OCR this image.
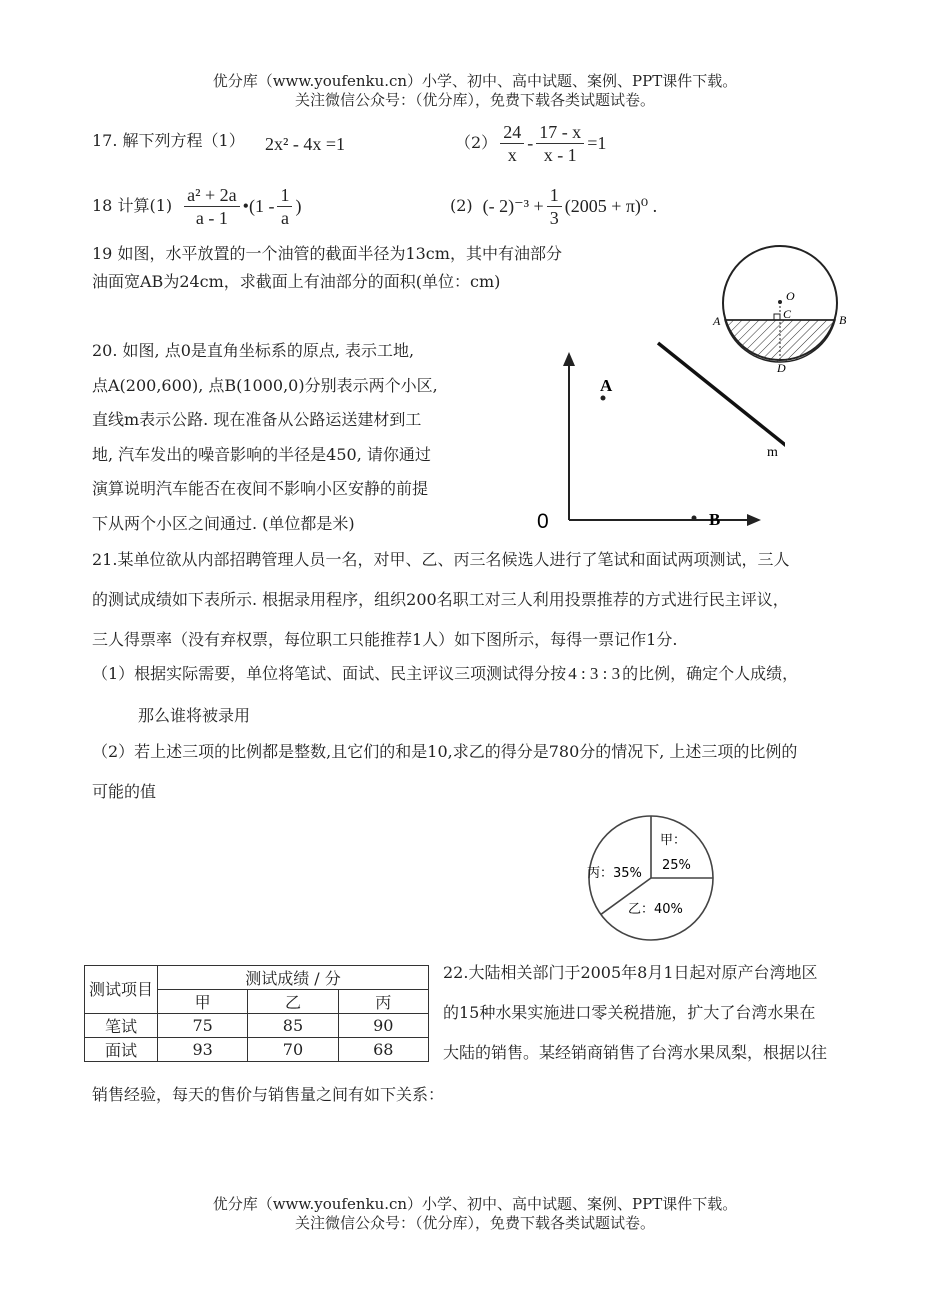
优分库（www.youfenku.cn）小学、初中、高中试题、案例、PPT课件下载。
关注微信公众号：（优分库），免费下载各类试题试卷。
17. 解下列方程（1） 2x² - 4x =1	$(2) \frac{24}{x} - \frac{17 - x}{x - 1} =1$
18 计算$(1) \frac{\text{a² + 2a}}{a - 1}$ •(1 - $\frac{1}{a}$ )	(2) (- $2)^{-3} + \frac{1}{3} (2005 + \pi)^0$ .
19 如图，水平放置的一个油管的截面半径为13cm，其中有油部分
油面宽AB为24cm，求截面上有油部分的面积(单位：cm)
O
C
A	B
D
20. 如图, 点0是直角坐标系的原点, 表示工地,
点A(200,600), 点B(1000,0)分别表示两个小区,
直线m表示公路. 现在准备从公路运送建材到工
地, 汽车发出的噪音影响的半径是450, 请你通过
演算说明汽车能否在夜间不影响小区安静的前提
下从两个小区之间通过. (单位都是米)
A
B
0
m
21.某单位欲从内部招聘管理人员一名，对甲、乙、丙三名候选人进行了笔试和面试两项测试，三人
的测试成绩如下表所示. 根据录用程序，组织200名职工对三人利用投票推荐的方式进行民主评议，
三人得票率（没有弃权票，每位职工只能推荐1人）如下图所示，每得一票记作1分.
（1）根据实际需要，单位将笔试、面试、民主评议三项测试得分按 4 : 3 : 3 的比例，确定个人成绩，
那么谁将被录用
（2）若上述三项的比例都是整数,且它们的和是10,求乙的得分是780分的情况下, 上述三项的比例的
可能的值
甲：
25%
乙：40%
丙：35%
测试项目	测试成绩 / 分		
	甲	乙	丙
笔试	75	85	90
面试	93	70	68
22.大陆相关部门于2005年8月1日起对原产台湾地区
的15种水果实施进口零关税措施，扩大了台湾水果在
大陆的销售。某经销商销售了台湾水果凤梨，根据以往
销售经验，每天的售价与销售量之间有如下关系：
优分库（www.youfenku.cn）小学、初中、高中试题、案例、PPT课件下载。
关注微信公众号：（优分库），免费下载各类试题试卷。
